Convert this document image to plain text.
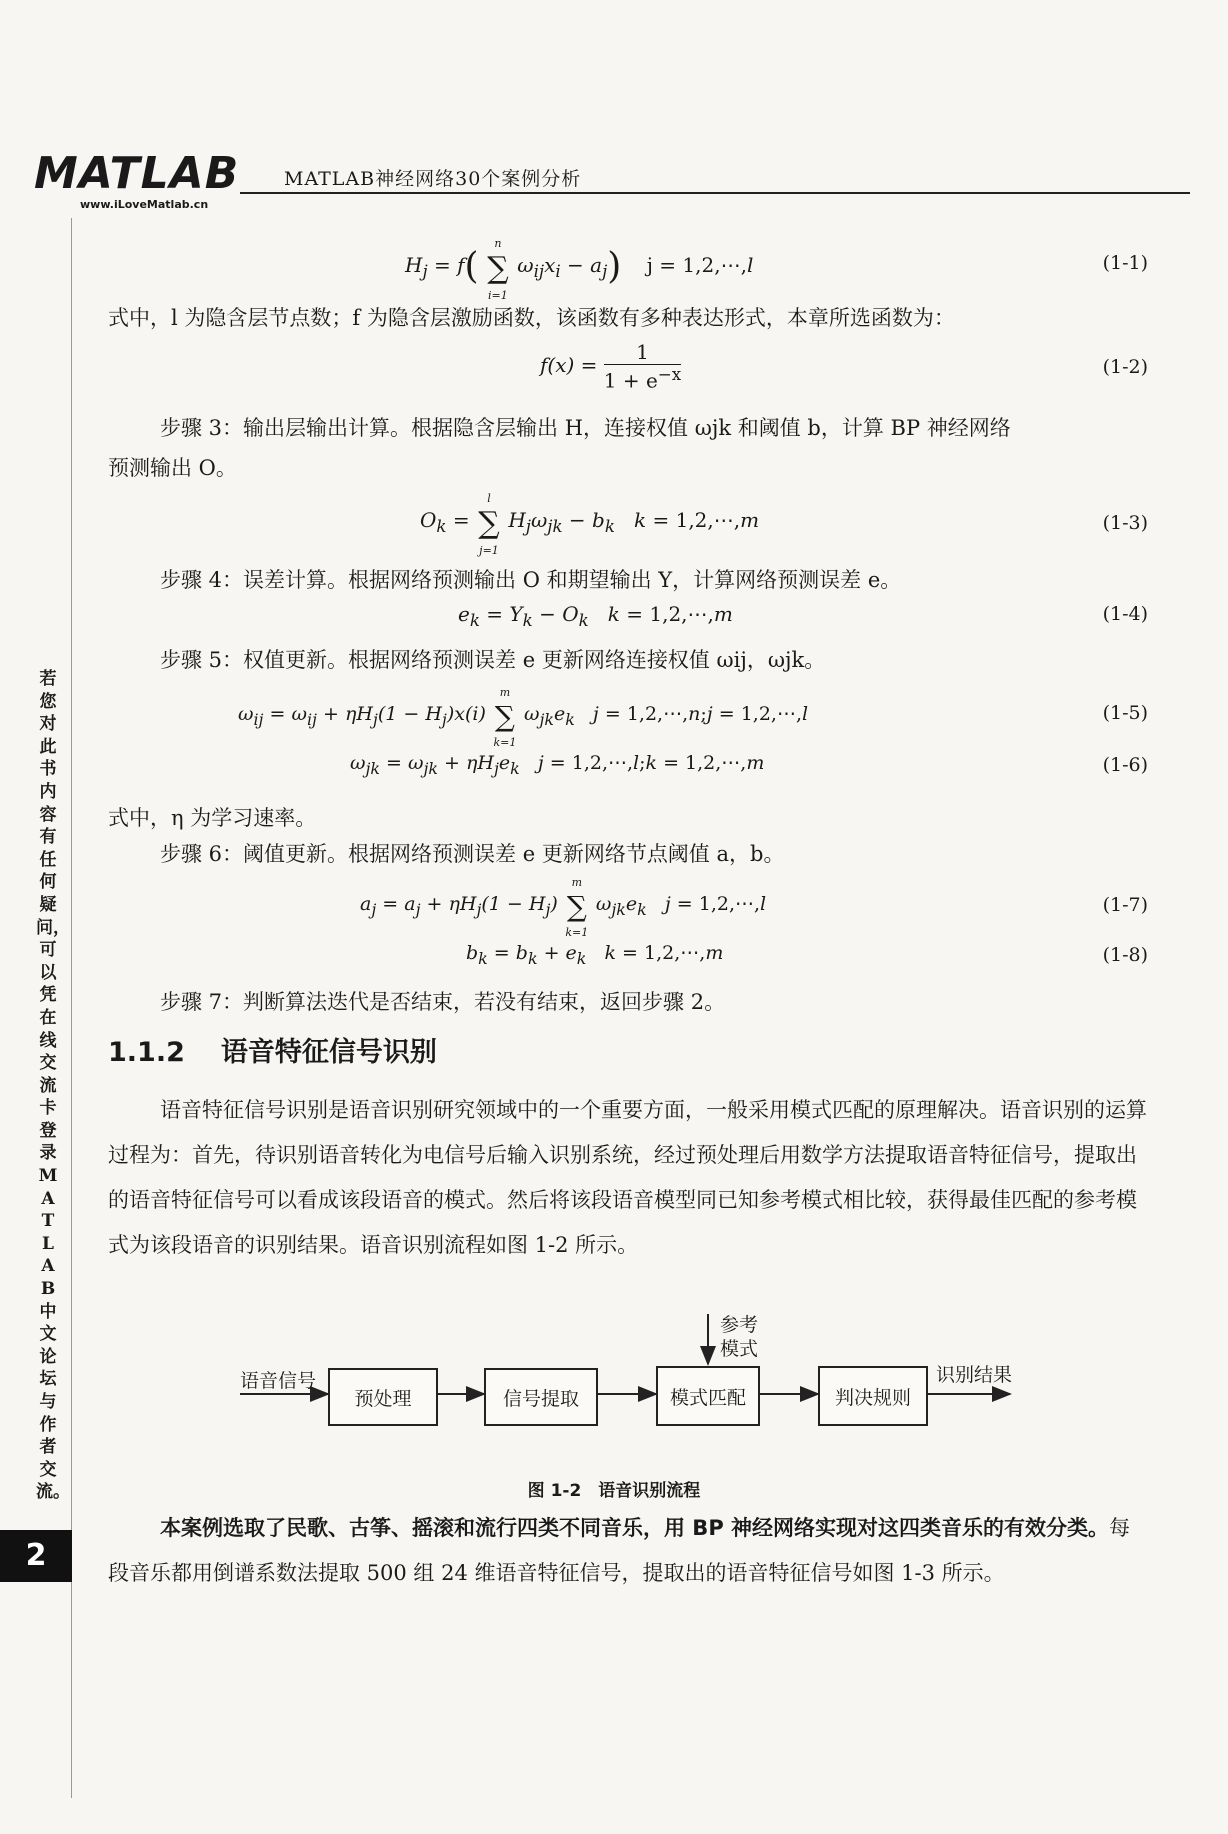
MATLAB
www.iLoveMatlab.cn
MATLAB神经网络30个案例分析
若您对此书内容有任何疑问，可以凭在线交流卡登录MATLAB中文论坛与作者交流。
2
$H_j = f$(
n
∑
i=1
$\omega_{ij}x_i - a_j$) j = 1,2,⋯,l	(1-1)
式中，l 为隐含层节点数；f 为隐含层激励函数，该函数有多种表达形式，本章所选函数为：
$f(x) = \frac{1}{1 + e^{-x}}$	(1-2)
步骤 3：输出层输出计算。根据隐含层输出 H，连接权值 ωjk 和阈值 b，计算 BP 神经网络
预测输出 O。
$O_k$ =
l
∑
j=1
$H_j\omega_{jk} - b_k$   k = 1,2,⋯,m	(1-3)
步骤 4：误差计算。根据网络预测输出 O 和期望输出 Y，计算网络预测误差 e。
$e_k = Y_k - O_k$   k = 1,2,⋯,m	(1-4)
步骤 5：权值更新。根据网络预测误差 e 更新网络连接权值 ωij，ωjk。
$\omega_{ij} = \omega_{ij} + \eta H_j(1 - H_j)x(i)$
m
∑
k=1
$\omega_{jk}e_k$   j = 1,2,⋯,n;j = 1,2,⋯,l	(1-5)
$\omega_{jk} = \omega_{jk} + \eta H_je_k$   j = 1,2,⋯,l;k = 1,2,⋯,m	(1-6)
式中，η 为学习速率。
步骤 6：阈值更新。根据网络预测误差 e 更新网络节点阈值 a，b。
$a_j = a_j + \eta H_j(1 - H_j)$
m
∑
k=1
$\omega_{jk}e_k$   j = 1,2,⋯,l	(1-7)
$b_k = b_k + e_k$   k = 1,2,⋯,m	(1-8)
步骤 7：判断算法迭代是否结束，若没有结束，返回步骤 2。
1.1.2 语音特征信号识别
语音特征信号识别是语音识别研究领域中的一个重要方面，一般采用模式匹配的原理解决。语音识别的运算过程为：首先，待识别语音转化为电信号后输入识别系统，经过预处理后用数学方法提取语音特征信号，提取出的语音特征信号可以看成该段语音的模式。然后将该段语音模型同已知参考模式相比较，获得最佳匹配的参考模式为该段语音的识别结果。语音识别流程如图 1-2 所示。
语音信号
预处理	信号提取	模式匹配	判决规则
参考
模式
识别结果
图 1-2　语音识别流程
本案例选取了民歌、古筝、摇滚和流行四类不同音乐，用 BP 神经网络实现对这四类音乐的有效分类。每段音乐都用倒谱系数法提取 500 组 24 维语音特征信号，提取出的语音特征信号如图 1-3 所示。
